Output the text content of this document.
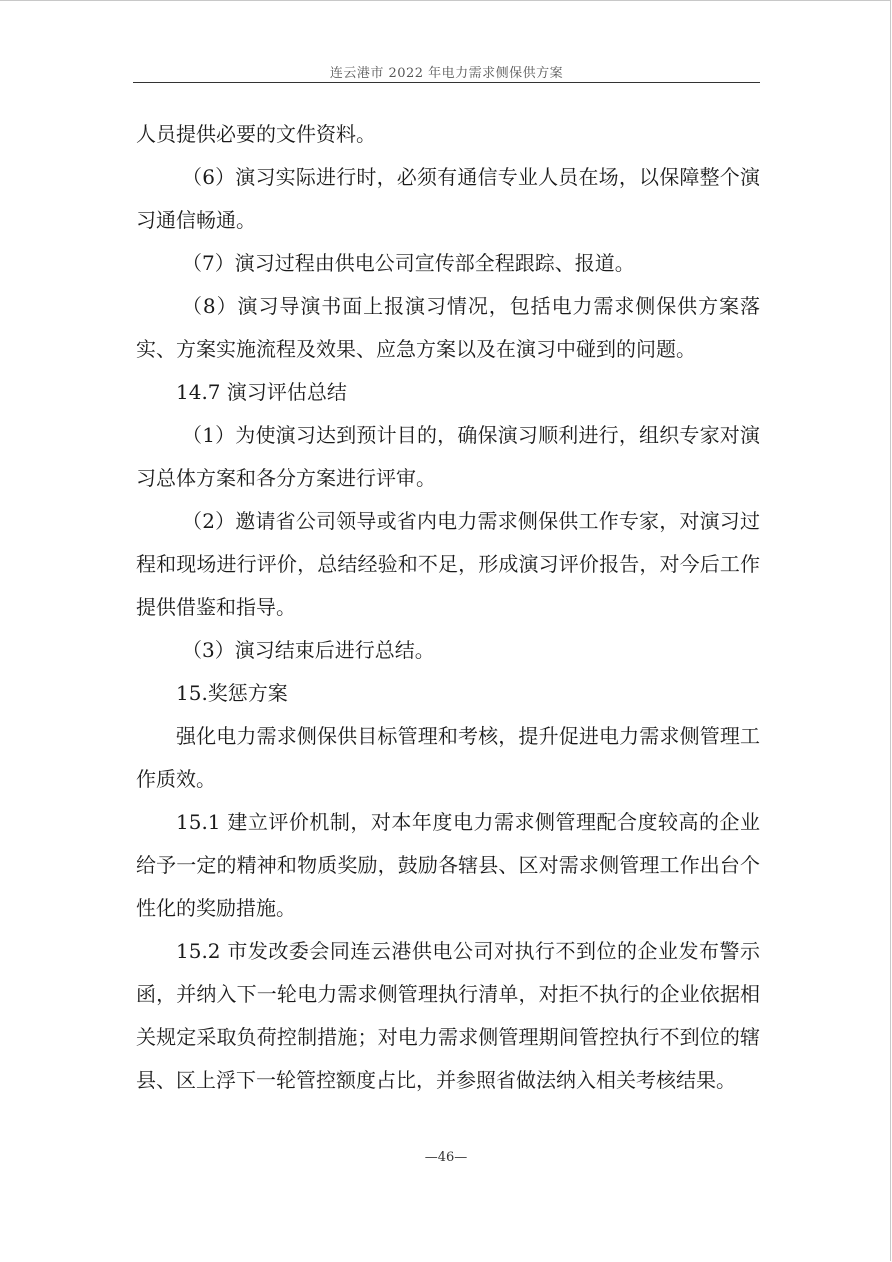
连云港市 2022 年电力需求侧保供方案

人员提供必要的文件资料。

（6）演习实际进行时，必须有通信专业人员在场，以保障整个演习通信畅通。

（7）演习过程由供电公司宣传部全程跟踪、报道。

（8）演习导演书面上报演习情况，包括电力需求侧保供方案落实、方案实施流程及效果、应急方案以及在演习中碰到的问题。

14.7 演习评估总结

（1）为使演习达到预计目的，确保演习顺利进行，组织专家对演习总体方案和各分方案进行评审。

（2）邀请省公司领导或省内电力需求侧保供工作专家，对演习过程和现场进行评价，总结经验和不足，形成演习评价报告，对今后工作提供借鉴和指导。

（3）演习结束后进行总结。

15.奖惩方案

强化电力需求侧保供目标管理和考核，提升促进电力需求侧管理工作质效。

15.1 建立评价机制，对本年度电力需求侧管理配合度较高的企业给予一定的精神和物质奖励，鼓励各辖县、区对需求侧管理工作出台个性化的奖励措施。

15.2 市发改委会同连云港供电公司对执行不到位的企业发布警示函，并纳入下一轮电力需求侧管理执行清单，对拒不执行的企业依据相关规定采取负荷控制措施；对电力需求侧管理期间管控执行不到位的辖县、区上浮下一轮管控额度占比，并参照省做法纳入相关考核结果。

—46—
